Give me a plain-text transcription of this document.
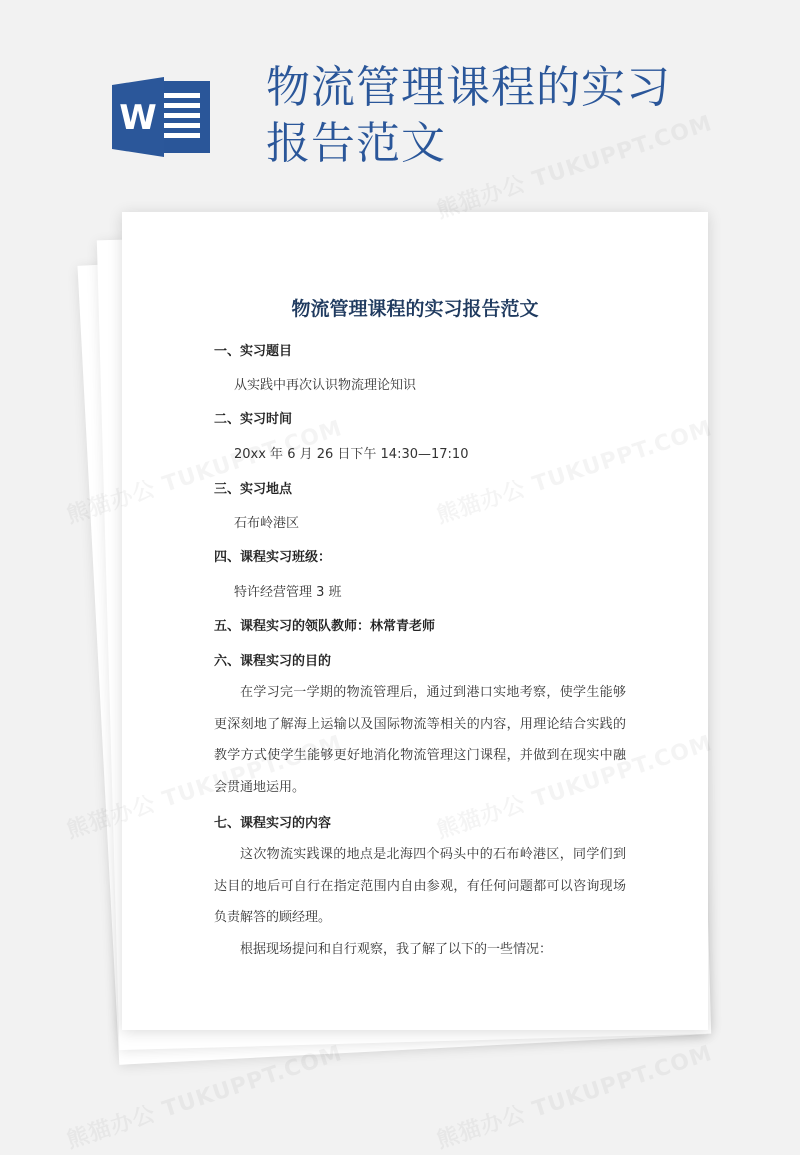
W
物流管理课程的实习报告范文
物流管理课程的实习报告范文
一、实习题目
从实践中再次认识物流理论知识
二、实习时间
20xx 年 6 月 26 日下午 14:30—17:10
三、实习地点
石布岭港区
四、课程实习班级：
特许经营管理 3 班
五、课程实习的领队教师：林常青老师
六、课程实习的目的
在学习完一学期的物流管理后，通过到港口实地考察，使学生能够更深刻地了解海上运输以及国际物流等相关的内容，用理论结合实践的教学方式使学生能够更好地消化物流管理这门课程，并做到在现实中融会贯通地运用。
七、课程实习的内容
这次物流实践课的地点是北海四个码头中的石布岭港区，同学们到达目的地后可自行在指定范围内自由参观，有任何问题都可以咨询现场负责解答的顾经理。
根据现场提问和自行观察，我了解了以下的一些情况：
